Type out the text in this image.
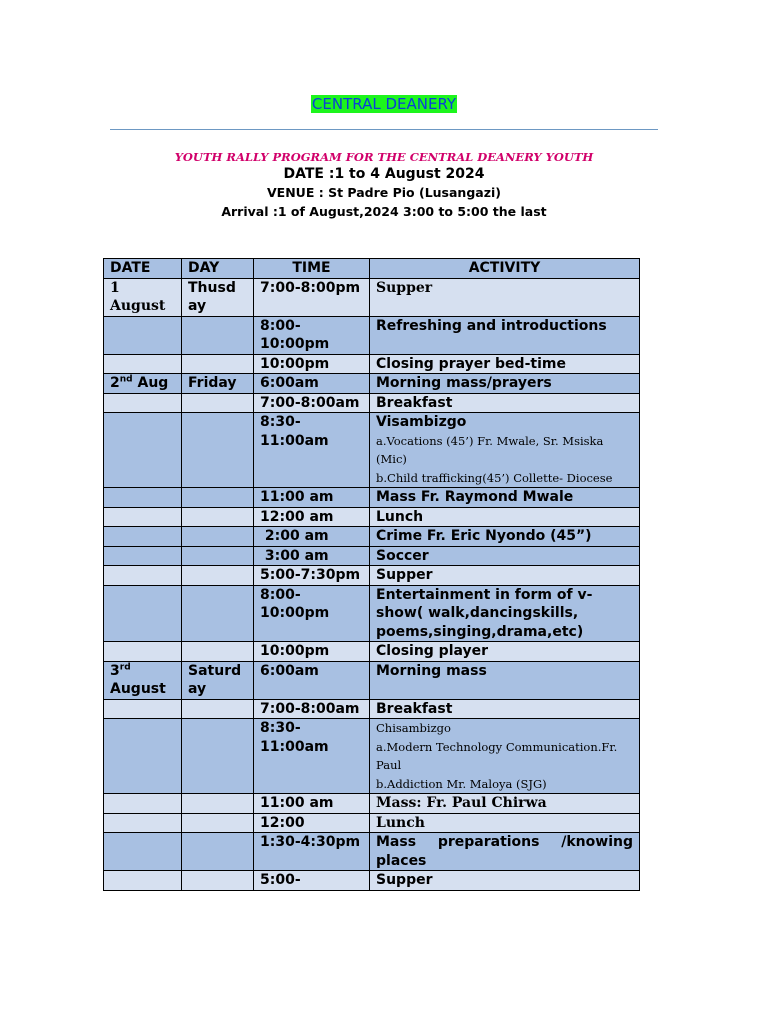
CENTRAL DEANERY
YOUTH RALLY PROGRAM FOR THE CENTRAL DEANERY YOUTH
DATE :1 to 4 August 2024
VENUE : St Padre Pio (Lusangazi)
Arrival :1 of August,2024 3:00 to 5:00 the last
DATE	DAY	TIME	ACTIVITY
1 August	Thusd ay	7:00-8:00pm	Supper
		8:00-10:00pm	Refreshing and introductions
		10:00pm	Closing prayer bed-time
2nd Aug	Friday	6:00am	Morning mass/prayers
		7:00-8:00am	Breakfast
		8:30-11:00am	Visambizgo
a.Vocations (45’) Fr. Mwale, Sr. Msiska (Mic)
b.Child trafficking(45’) Collette- Diocese

		11:00 am	Mass Fr. Raymond Mwale
		12:00 am	Lunch
		2:00 am	Crime Fr. Eric Nyondo (45”)
		3:00 am	Soccer
		5:00-7:30pm	Supper
		8:00-10:00pm	Entertainment in form of v-show( walk,dancingskills, poems,singing,drama,etc)
		10:00pm	Closing player
3rd August	Saturd ay	6:00am	Morning mass
		7:00-8:00am	Breakfast
		8:30-11:00am	Chisambizgo
a.Modern Technology Communication.Fr. Paul
b.Addiction Mr. Maloya (SJG)

		11:00 am	Mass: Fr. Paul Chirwa
		12:00	Lunch
		1:30-4:30pm	Mass preparations /knowing places
		5:00-	Supper
